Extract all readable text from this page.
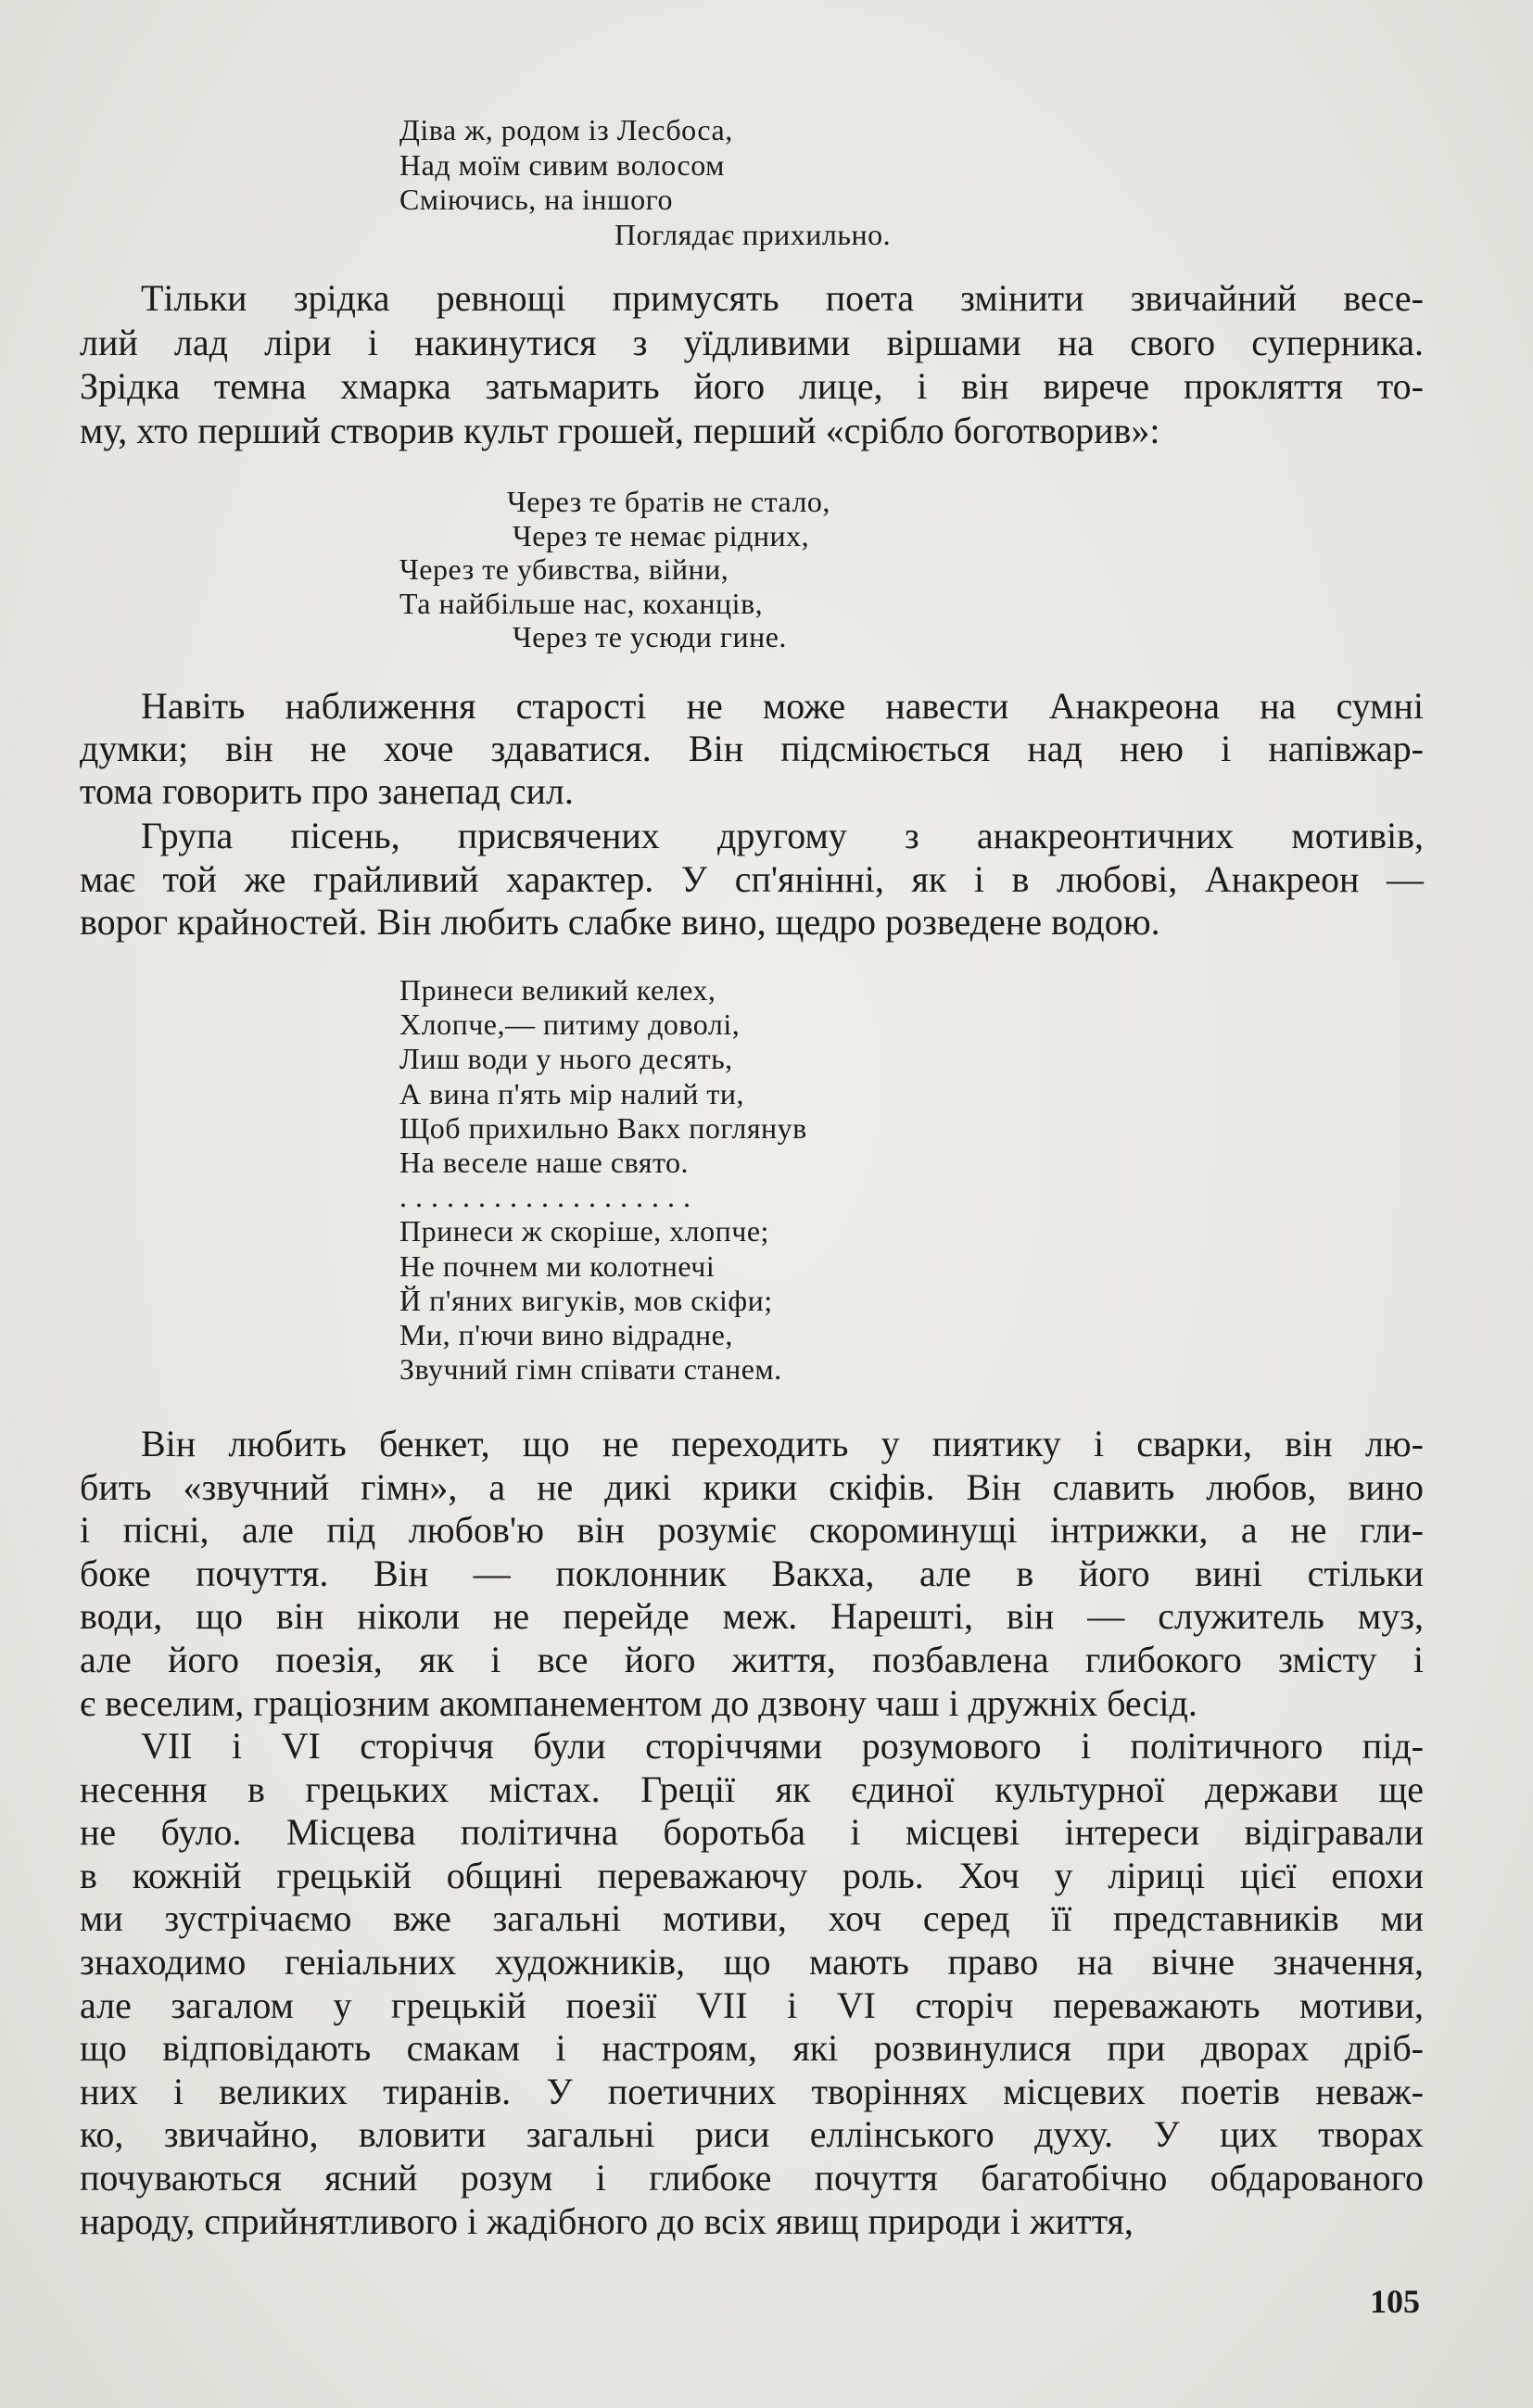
Діва ж, родом із Лесбоса,
Над моїм сивим волосом
Сміючись, на іншого
Поглядає прихильно.
Тільки зрідка ревнощі примусять поета змінити звичайний весе-
лий лад ліри і накинутися з уїдливими віршами на свого суперника.
Зрідка темна хмарка затьмарить його лице, і він вирече прокляття то-
му, хто перший створив культ грошей, перший «срібло боготворив»:
Через те братів не стало,
Через те немає рідних,
Через те убивства, війни,
Та найбільше нас, коханців,
Через те усюди гине.
Навіть наближення старості не може навести Анакреона на сумні
думки; він не хоче здаватися. Він підсміюється над нею і напівжар-
тома говорить про занепад сил.
Група пісень, присвячених другому з анакреонтичних мотивів,
має той же грайливий характер. У сп'янінні, як і в любові, Анакреон —
ворог крайностей. Він любить слабке вино, щедро розведене водою.
Принеси великий келех,
Хлопче,— питиму доволі,
Лиш води у нього десять,
А вина п'ять мір налий ти,
Щоб прихильно Вакх поглянув
На веселе наше свято.
. . . . . . . . . . . . . . . . . . .
Принеси ж скоріше, хлопче;
Не почнем ми колотнечі
Й п'яних вигуків, мов скіфи;
Ми, п'ючи вино відрадне,
Звучний гімн співати станем.
Він любить бенкет, що не переходить у пиятику і сварки, він лю-
бить «звучний гімн», а не дикі крики скіфів. Він славить любов, вино
і пісні, але під любов'ю він розуміє скороминущі інтрижки, а не гли-
боке почуття. Він — поклонник Вакха, але в його вині стільки
води, що він ніколи не перейде меж. Нарешті, він — служитель муз,
але його поезія, як і все його життя, позбавлена глибокого змісту і
є веселим, граціозним акомпанементом до дзвону чаш і дружніх бесід.
VII і VI сторіччя були сторіччями розумового і політичного під-
несення в грецьких містах. Греції як єдиної культурної держави ще
не було. Місцева політична боротьба і місцеві інтереси відігравали
в кожній грецькій общині переважаючу роль. Хоч у ліриці цієї епохи
ми зустрічаємо вже загальні мотиви, хоч серед її представників ми
знаходимо геніальних художників, що мають право на вічне значення,
але загалом у грецькій поезії VII і VI сторіч переважають мотиви,
що відповідають смакам і настроям, які розвинулися при дворах дріб-
них і великих тиранів. У поетичних творіннях місцевих поетів невaж-
ко, звичайно, вловити загальні риси еллінського духу. У цих творах
почуваються ясний розум і глибоке почуття багатобічно обдарованого
народу, сприйнятливого і жадібного до всіх явищ природи і життя,
105
